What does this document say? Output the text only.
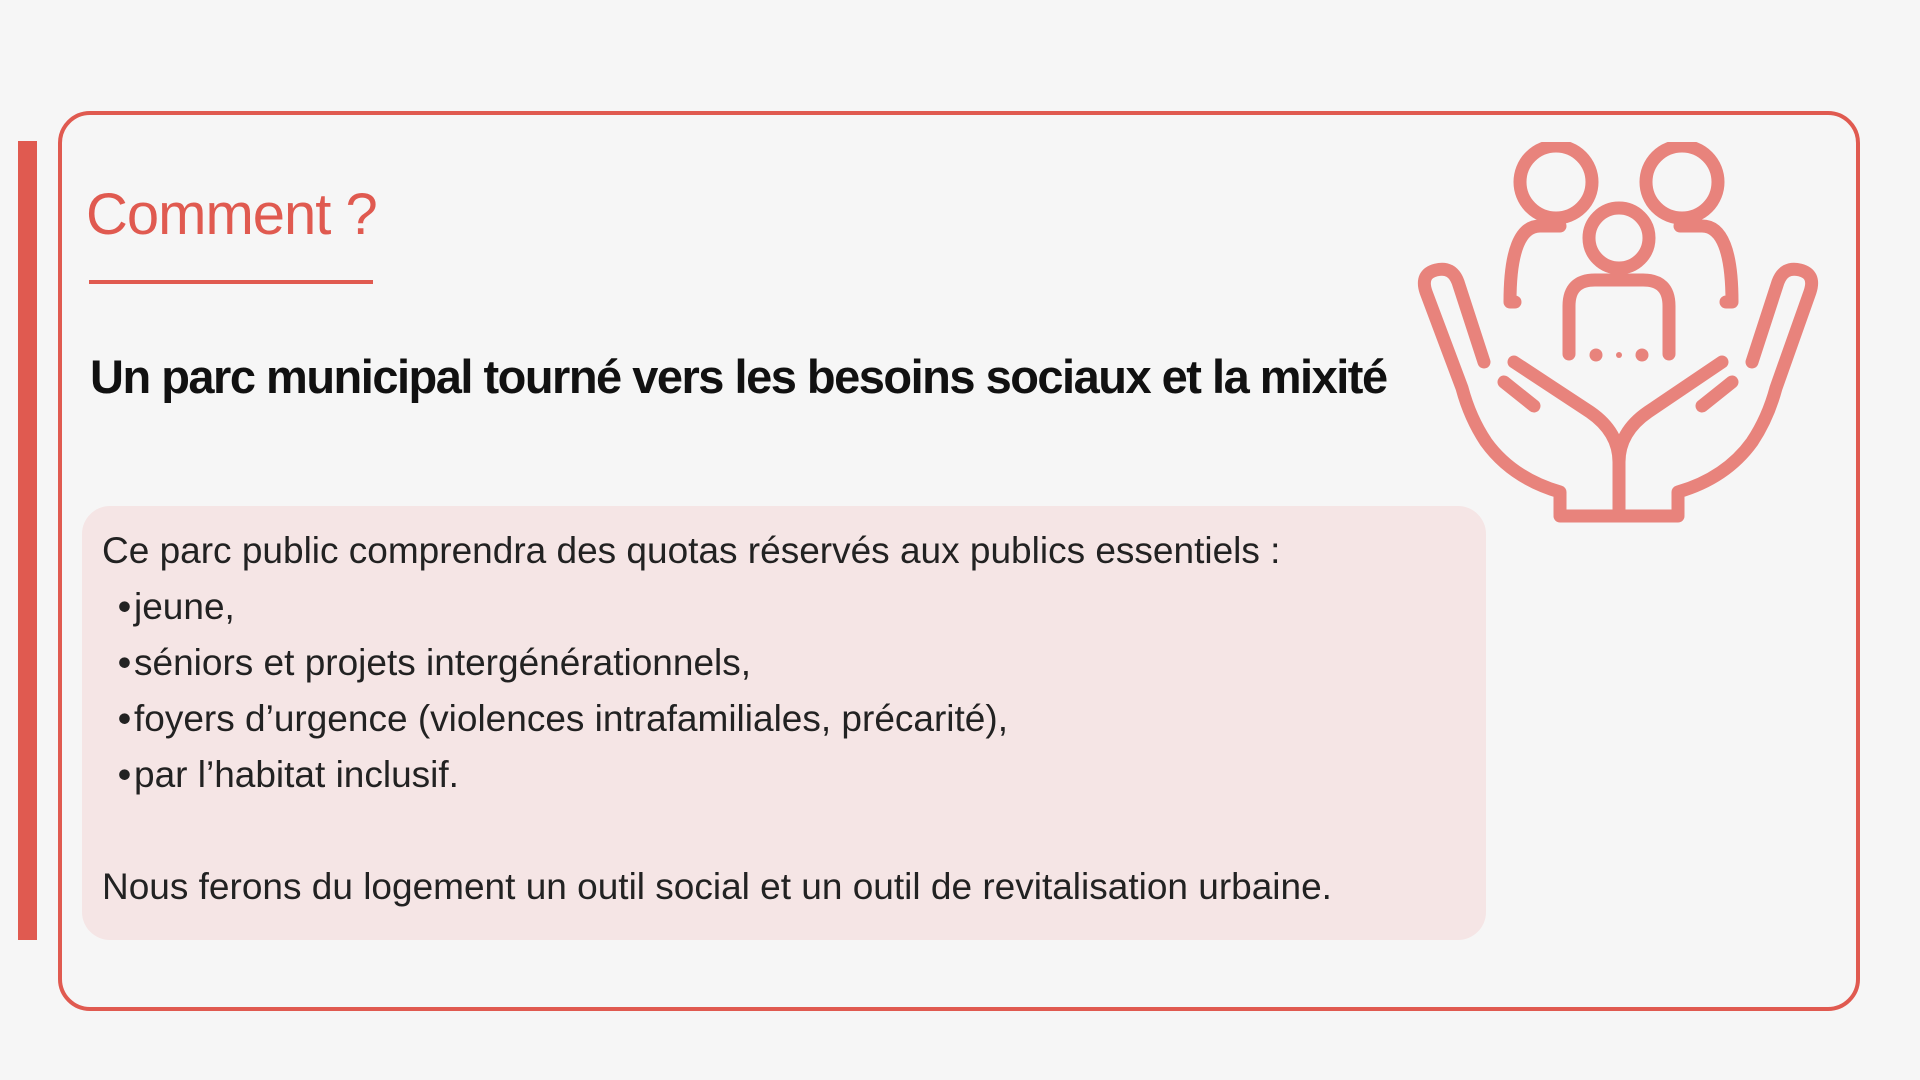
Comment ?
Un parc municipal tourné vers les besoins sociaux et la mixité

Ce parc public comprendra des quotas réservés aux publics essentiels :

•jeune,
•séniors et projets intergénérationnels,
•foyers d’urgence (violences intrafamiliales, précarité),
•par l’habitat inclusif.

Nous ferons du logement un outil social et un outil de revitalisation urbaine.
